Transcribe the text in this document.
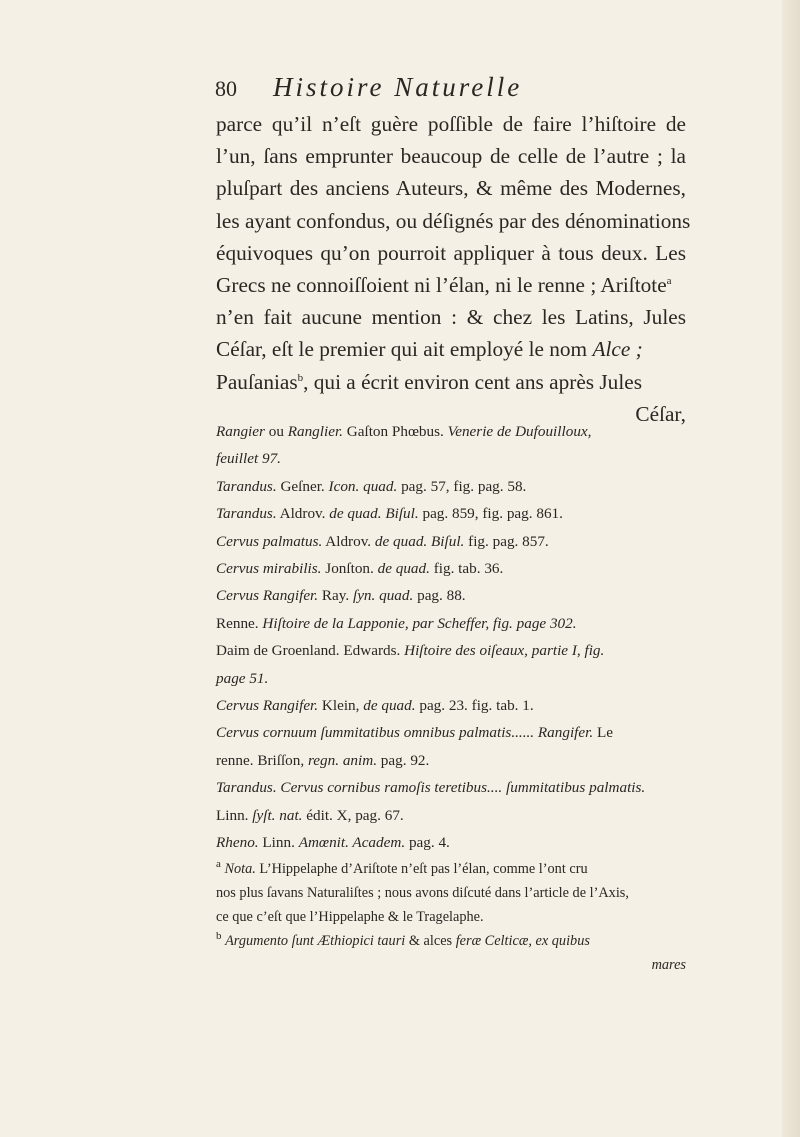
80 Histoire Naturelle
parce qu’il n’eſt guère poſſible de faire l’hiſtoire de
l’un, ſans emprunter beaucoup de celle de l’autre ; la
pluſpart des anciens Auteurs, & même des Modernes,
les ayant confondus, ou déſignés par des dénominations
équivoques qu’on pourroit appliquer à tous deux. Les
Grecs ne connoiſſoient ni l’élan, ni le renne ; Ariſtote$^a$
n’en fait aucune mention : & chez les Latins, Jules
Céſar, eſt le premier qui ait employé le nom Alce ;
Pauſanias$^b$, qui a écrit environ cent ans après Jules
Céſar,
Rangier ou Ranglier. Gaſton Phœbus. Venerie de Dufouilloux,
feuillet 97.
Tarandus. Geſner. Icon. quad. pag. 57, fig. pag. 58.
Tarandus. Aldrov. de quad. Biſul. pag. 859, fig. pag. 861.
Cervus palmatus. Aldrov. de quad. Biſul. fig. pag. 857.
Cervus mirabilis. Jonſton. de quad. fig. tab. 36.
Cervus Rangifer. Ray. ſyn. quad. pag. 88.
Renne. Hiſtoire de la Lapponie, par Scheffer, fig. page 302.
Daim de Groenland. Edwards. Hiſtoire des oiſeaux, partie I, fig.
page 51.
Cervus Rangifer. Klein, de quad. pag. 23. fig. tab. 1.
Cervus cornuum ſummitatibus omnibus palmatis...... Rangifer. Le
renne. Briſſon, regn. anim. pag. 92.
Tarandus. Cervus cornibus ramoſis teretibus.... ſummitatibus palmatis.
Linn. ſyſt. nat. édit. X, pag. 67.
Rheno. Linn. Amœnit. Academ. pag. 4.
$^a$ Nota. L’Hippelaphe d’Ariſtote n’eſt pas l’élan, comme l’ont cru
nos plus ſavans Naturaliſtes ; nous avons diſcuté dans l’article de l’Axis,
ce que c’eſt que l’Hippelaphe & le Tragelaphe.
$^b$ Argumento ſunt Æthiopici tauri & alces feræ Celticæ, ex quibus
mares
